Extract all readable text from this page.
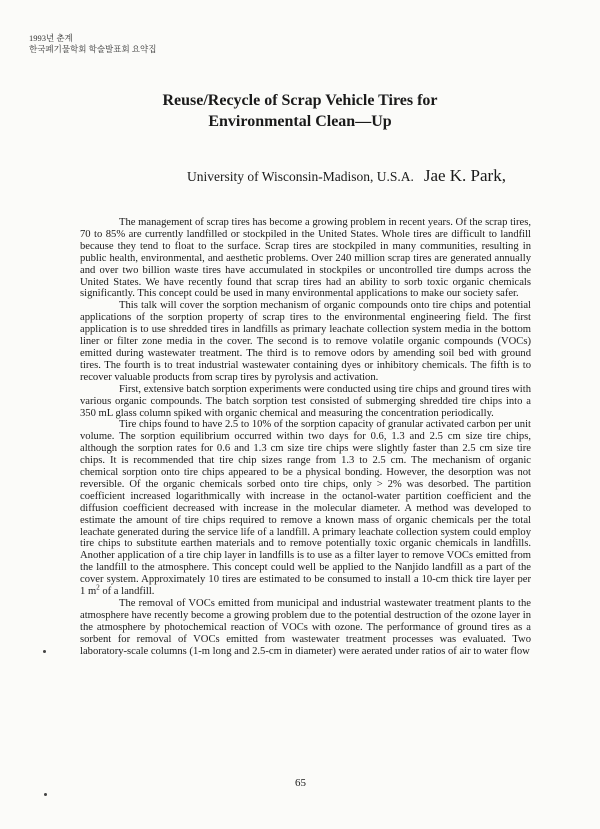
1993년 춘계
한국폐기물학회 학술발표회 요약집
Reuse/Recycle of Scrap Vehicle Tires for
Environmental Clean—Up
University of Wisconsin-Madison, U.S.A. Jae K. Park,

The management of scrap tires has become a growing problem in recent years. Of the scrap tires, 70 to 85% are currently landfilled or stockpiled in the United States. Whole tires are difficult to landfill because they tend to float to the surface. Scrap tires are stockpiled in many communities, resulting in public health, environmental, and aesthetic problems. Over 240 million scrap tires are generated annually and over two billion waste tires have accumulated in stockpiles or uncontrolled tire dumps across the United States. We have recently found that scrap tires had an ability to sorb toxic organic chemicals significantly. This concept could be used in many environmental applications to make our society safer.

This talk will cover the sorption mechanism of organic compounds onto tire chips and potential applications of the sorption property of scrap tires to the environmental engineering field. The first application is to use shredded tires in landfills as primary leachate collection system media in the bottom liner or filter zone media in the cover. The second is to remove volatile organic compounds (VOCs) emitted during wastewater treatment. The third is to remove odors by amending soil bed with ground tires. The fourth is to treat industrial wastewater containing dyes or inhibitory chemicals. The fifth is to recover valuable products from scrap tires by pyrolysis and activation.

First, extensive batch sorption experiments were conducted using tire chips and ground tires with various organic compounds. The batch sorption test consisted of submerging shredded tire chips into a 350 mL glass column spiked with organic chemical and measuring the concentration periodically.

Tire chips found to have 2.5 to 10% of the sorption capacity of granular activated carbon per unit volume. The sorption equilibrium occurred within two days for 0.6, 1.3 and 2.5 cm size tire chips, although the sorption rates for 0.6 and 1.3 cm size tire chips were slightly faster than 2.5 cm size tire chips. It is recommended that tire chip sizes range from 1.3 to 2.5 cm. The mechanism of organic chemical sorption onto tire chips appeared to be a physical bonding. However, the desorption was not reversible. Of the organic chemicals sorbed onto tire chips, only > 2% was desorbed. The partition coefficient increased logarithmically with increase in the octanol-water partition coefficient and the diffusion coefficient decreased with increase in the molecular diameter. A method was developed to estimate the amount of tire chips required to remove a known mass of organic chemicals per the total leachate generated during the service life of a landfill. A primary leachate collection system could employ tire chips to substitute earthen materials and to remove potentially toxic organic chemicals in landfills. Another application of a tire chip layer in landfills is to use as a filter layer to remove VOCs emitted from the landfill to the atmosphere. This concept could well be applied to the Nanjido landfill as a part of the cover system. Approximately 10 tires are estimated to be consumed to install a 10-cm thick tire layer per 1 $m^2$ of a landfill.

The removal of VOCs emitted from municipal and industrial wastewater treatment plants to the atmosphere have recently become a growing problem due to the potential destruction of the ozone layer in the atmosphere by photochemical reaction of VOCs with ozone. The performance of ground tires as a sorbent for removal of VOCs emitted from wastewater treatment processes was evaluated. Two laboratory-scale columns (1-m long and 2.5-cm in diameter) were aerated under ratios of air to water flow

65
